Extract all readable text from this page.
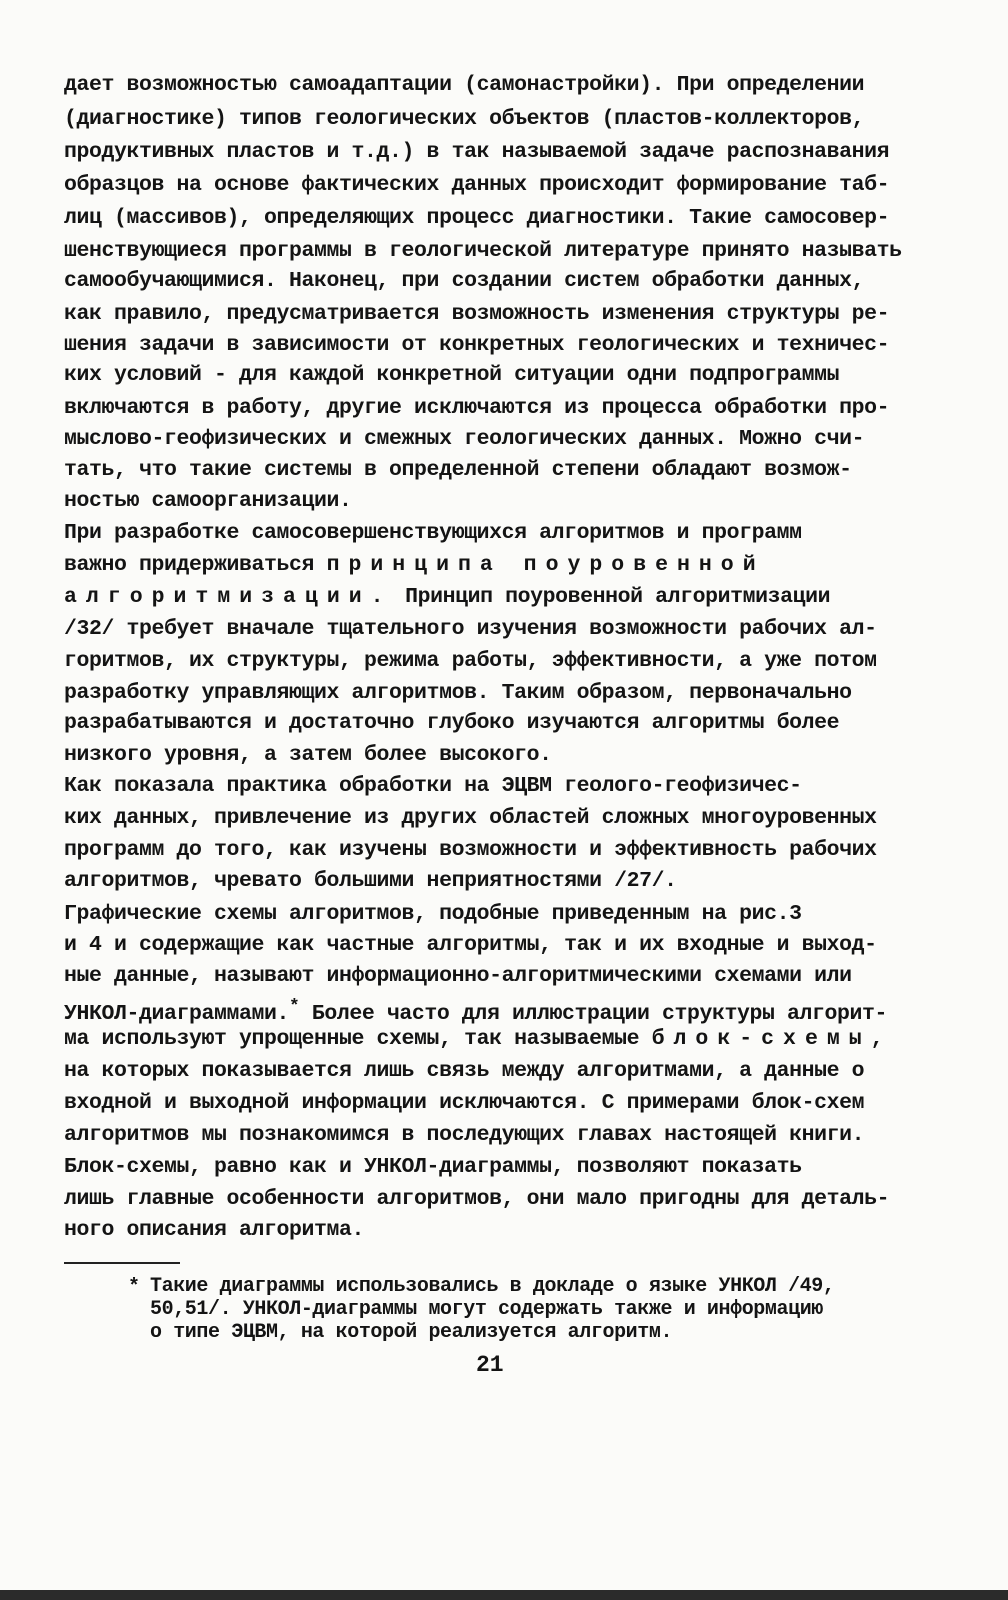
дает возможностью самоадаптации (самонастройки). При определении
(диагностике) типов геологических объектов (пластов-коллекторов,
продуктивных пластов и т.д.) в так называемой задаче распознавания
образцов на основе фактических данных происходит формирование таб-
лиц (массивов), определяющих процесс диагностики. Такие самосовер-
шенствующиеся программы в геологической литературе принято называть
самообучающимися. Наконец, при создании систем обработки данных,
как правило, предусматривается возможность изменения структуры ре-
шения задачи в зависимости от конкретных геологических и техничес-
ких условий - для каждой конкретной ситуации одни подпрограммы
включаются в работу, другие исключаются из процесса обработки про-
мыслово-геофизических и смежных геологических данных. Можно счи-
тать, что такие системы в определенной степени обладают возмож-
ностью самоорганизации.
При разработке самосовершенствующихся алгоритмов и программ
важно придерживаться принципа поуровенной
алгоритмизации. Принцип поуровенной алгоритмизации
/32/ требует вначале тщательного изучения возможности рабочих ал-
горитмов, их структуры, режима работы, эффективности, а уже потом
разработку управляющих алгоритмов. Таким образом, первоначально
разрабатываются и достаточно глубоко изучаются алгоритмы более
низкого уровня, а затем более высокого.
Как показала практика обработки на ЭЦВМ геолого-геофизичес-
ких данных, привлечение из других областей сложных многоуровенных
программ до того, как изучены возможности и эффективность рабочих
алгоритмов, чревато большими неприятностями /27/.
Графические схемы алгоритмов, подобные приведенным на рис.3
и 4 и содержащие как частные алгоритмы, так и их входные и выход-
ные данные, называют информационно-алгоритмическими схемами или
УНКОЛ-диаграммами.* Более часто для иллюстрации структуры алгорит-
ма используют упрощенные схемы, так называемые блок-схемы,
на которых показывается лишь связь между алгоритмами, а данные о
входной и выходной информации исключаются. С примерами блок-схем
алгоритмов мы познакомимся в последующих главах настоящей книги.
Блок-схемы, равно как и УНКОЛ-диаграммы, позволяют показать
лишь главные особенности алгоритмов, они мало пригодны для деталь-
ного описания алгоритма.
* Такие диаграммы использовались в докладе о языке УНКОЛ /49,
50,51/. УНКОЛ-диаграммы могут содержать также и информацию
о типе ЭЦВМ, на которой реализуется алгоритм.
21
